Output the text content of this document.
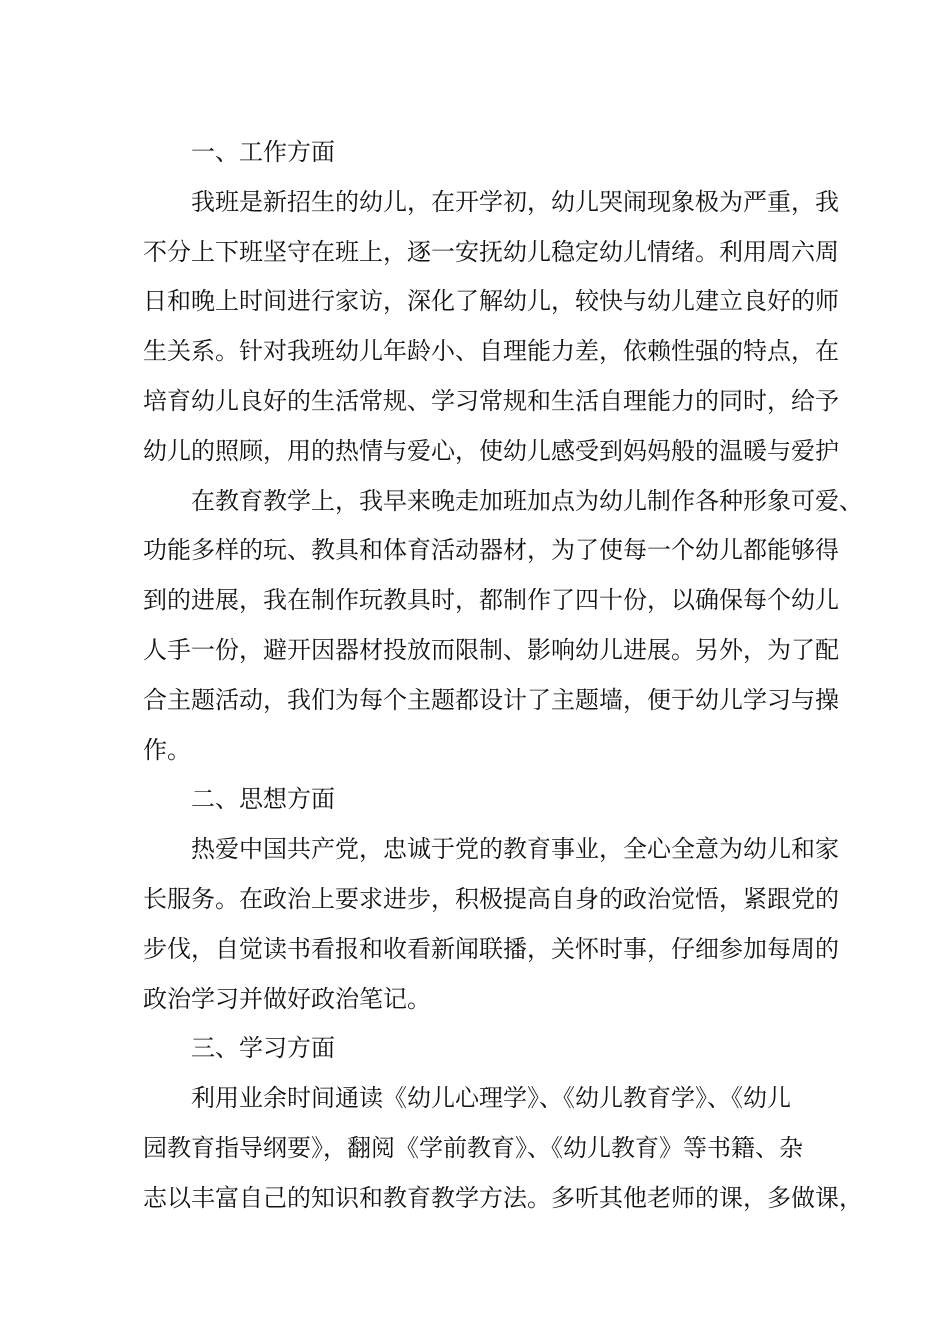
一、工作方面
我班是新招生的幼儿，在开学初，幼儿哭闹现象极为严重，我
不分上下班坚守在班上，逐一安抚幼儿稳定幼儿情绪。利用周六周
日和晚上时间进行家访，深化了解幼儿，较快与幼儿建立良好的师
生关系。针对我班幼儿年龄小、自理能力差，依赖性强的特点，在
培育幼儿良好的生活常规、学习常规和生活自理能力的同时，给予
幼儿的照顾，用的热情与爱心，使幼儿感受到妈妈般的温暖与爱护
在教育教学上，我早来晚走加班加点为幼儿制作各种形象可爱、
功能多样的玩、教具和体育活动器材，为了使每一个幼儿都能够得
到的进展，我在制作玩教具时，都制作了四十份，以确保每个幼儿
人手一份，避开因器材投放而限制、影响幼儿进展。另外，为了配
合主题活动，我们为每个主题都设计了主题墙，便于幼儿学习与操
作。
二、思想方面
热爱中国共产党，忠诚于党的教育事业，全心全意为幼儿和家
长服务。在政治上要求进步，积极提高自身的政治觉悟，紧跟党的
步伐，自觉读书看报和收看新闻联播，关怀时事，仔细参加每周的
政治学习并做好政治笔记。
三、学习方面
利用业余时间通读《幼儿心理学》、《幼儿教育学》、《幼儿
园教育指导纲要》，翻阅《学前教育》、《幼儿教育》等书籍、杂
志以丰富自己的知识和教育教学方法。多听其他老师的课，多做课，
